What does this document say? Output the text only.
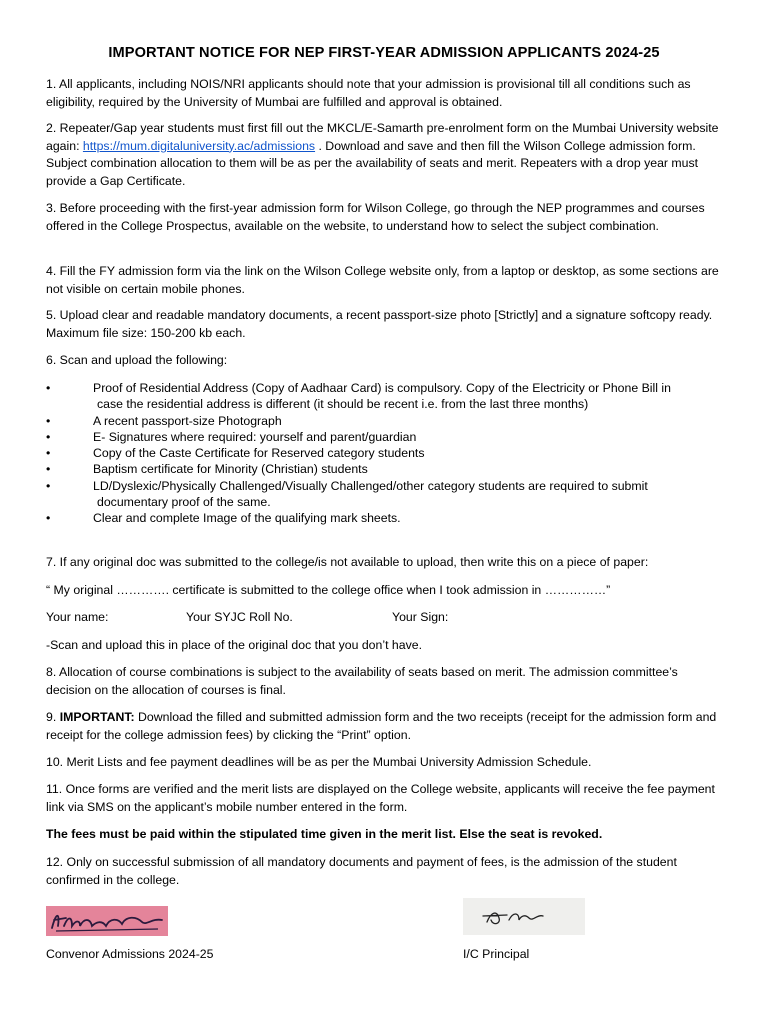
IMPORTANT NOTICE FOR NEP FIRST-YEAR ADMISSION APPLICANTS 2024-25

1. All applicants, including NOIS/NRI applicants should note that your admission is provisional till all conditions such as eligibility, required by the University of Mumbai are fulfilled and approval is obtained.

2. Repeater/Gap year students must first fill out the MKCL/E-Samarth pre-enrolment form on the Mumbai University website again: https://mum.digitaluniversity.ac/admissions . Download and save and then fill the Wilson College admission form. Subject combination allocation to them will be as per the availability of seats and merit. Repeaters with a drop year must provide a Gap Certificate.

3. Before proceeding with the first-year admission form for Wilson College, go through the NEP programmes and courses offered in the College Prospectus, available on the website, to understand how to select the subject combination.

4. Fill the FY admission form via the link on the Wilson College website only, from a laptop or desktop, as some sections are not visible on certain mobile phones.

5. Upload clear and readable mandatory documents, a recent passport-size photo [Strictly] and a signature softcopy ready. Maximum file size: 150-200 kb each.

6. Scan and upload the following:

•	Proof of Residential Address (Copy of Aadhaar Card) is compulsory. Copy of the Electricity or Phone Bill in
case the residential address is different (it should be recent i.e. from the last three months)
•	A recent passport-size Photograph
•	E- Signatures where required: yourself and parent/guardian
•	Copy of the Caste Certificate for Reserved category students
•	Baptism certificate for Minority (Christian) students
•	LD/Dyslexic/Physically Challenged/Visually Challenged/other category students are required to submit
documentary proof of the same.
•	Clear and complete Image of the qualifying mark sheets.

7. If any original doc was submitted to the college/is not available to upload, then write this on a piece of paper:

“ My original …………. certificate is submitted to the college office when I took admission in ……………”

Your name:	Your SYJC Roll No.	Your Sign:

-Scan and upload this in place of the original doc that you don’t have.

8. Allocation of course combinations is subject to the availability of seats based on merit. The admission committee’s decision on the allocation of courses is final.

9. IMPORTANT: Download the filled and submitted admission form and the two receipts (receipt for the admission form and receipt for the college admission fees) by clicking the “Print” option.

10. Merit Lists and fee payment deadlines will be as per the Mumbai University Admission Schedule.

11. Once forms are verified and the merit lists are displayed on the College website, applicants will receive the fee payment link via SMS on the applicant’s mobile number entered in the form.

The fees must be paid within the stipulated time given in the merit list. Else the seat is revoked.

12. Only on successful submission of all mandatory documents and payment of fees, is the admission of the student confirmed in the college.

Convenor Admissions 2024-25	I/C Principal
